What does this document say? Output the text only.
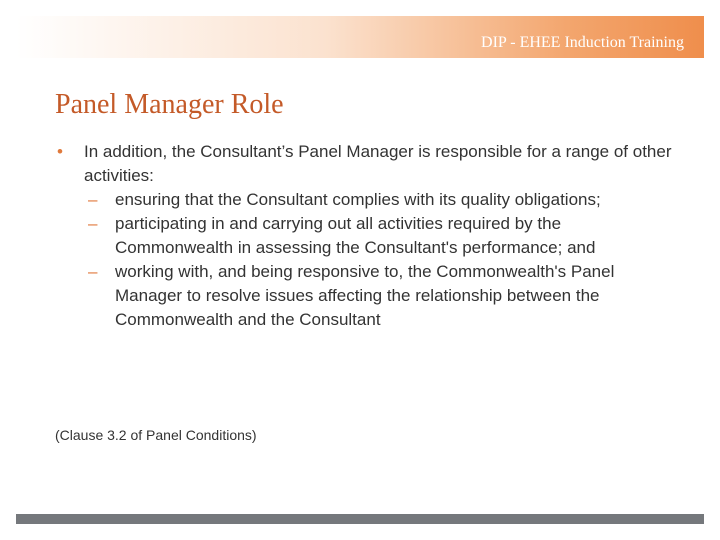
DIP - EHEE Induction Training
Panel Manager Role
• In addition, the Consultant’s Panel Manager is responsible for a range of other activities:
– ensuring that the Consultant complies with its quality obligations;
– participating in and carrying out all activities required by the Commonwealth in assessing the Consultant's performance; and
– working with, and being responsive to, the Commonwealth's Panel Manager to resolve issues affecting the relationship between the Commonwealth and the Consultant
(Clause 3.2 of Panel Conditions)
